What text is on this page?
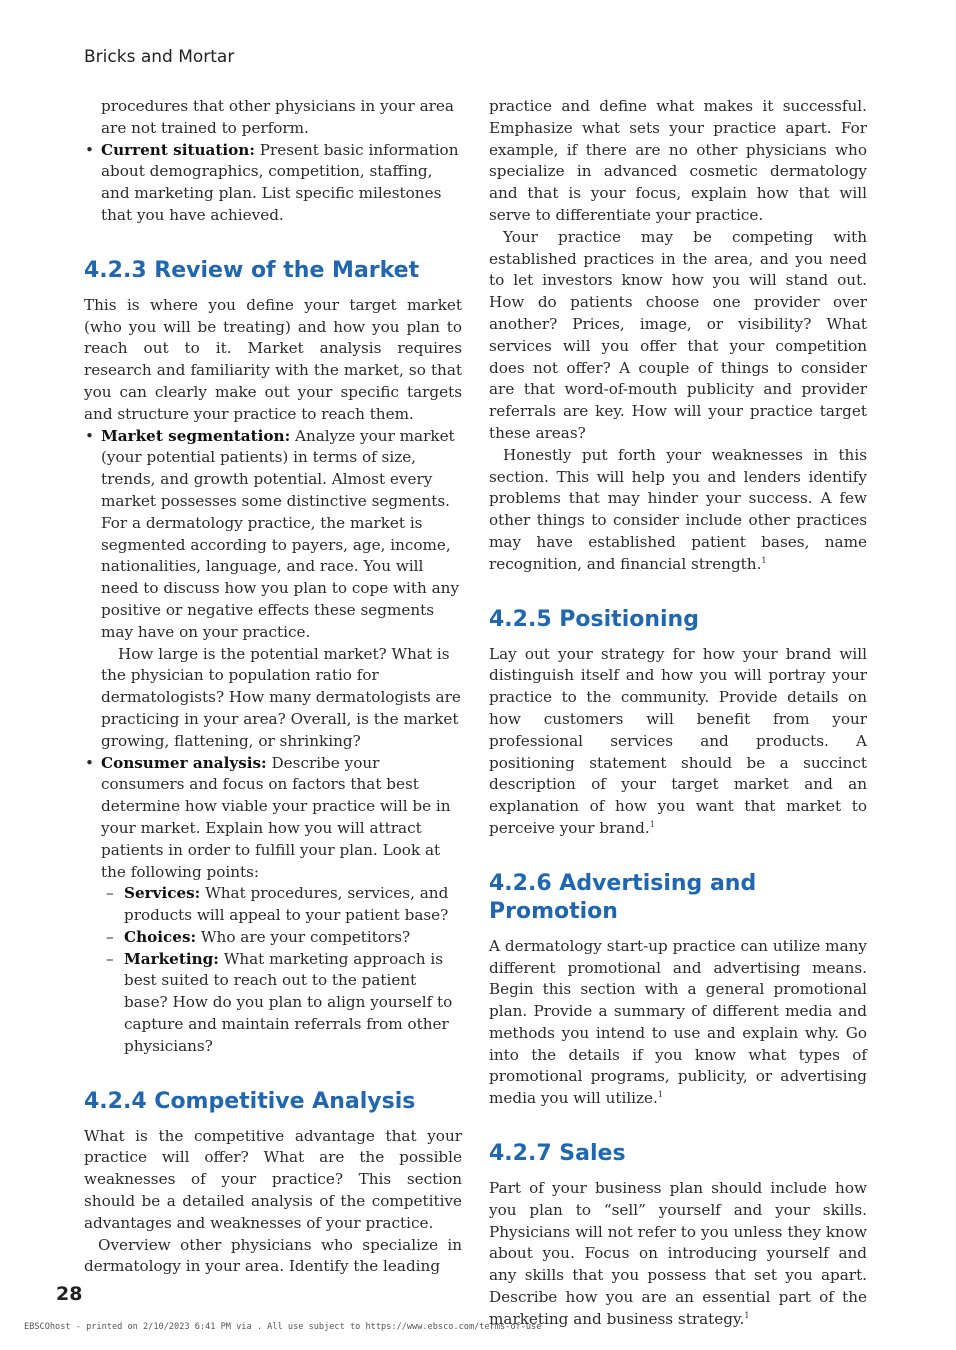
Bricks and Mortar

procedures that other physicians in your area are not trained to perform.

• Current situation: Present basic information about demographics, competition, staffing, and marketing plan. List specific milestones that you have achieved.
4.2.3 Review of the Market

This is where you define your target market (who you will be treating) and how you plan to reach out to it. Market analysis requires research and familiarity with the market, so that you can clearly make out your specific targets and structure your practice to reach them.

• Market segmentation: Analyze your market (your potential patients) in terms of size, trends, and growth potential. Almost every market possesses some distinctive segments. For a dermatology practice, the market is segmented according to payers, age, income, nationalities, language, and race. You will need to discuss how you plan to cope with any positive or negative effects these segments may have on your practice.

How large is the potential market? What is the physician to population ratio for dermatologists? How many dermatologists are practicing in your area? Overall, is the market growing, flattening, or shrinking?

• Consumer analysis: Describe your consumers and focus on factors that best determine how viable your practice will be in your market. Explain how you will attract patients in order to fulfill your plan. Look at the following points:
– Services: What procedures, services, and products will appeal to your patient base?
– Choices: Who are your competitors?
– Marketing: What marketing approach is best suited to reach out to the patient base? How do you plan to align yourself to capture and maintain referrals from other physicians?
4.2.4 Competitive Analysis

What is the competitive advantage that your practice will offer? What are the possible weaknesses of your practice? This section should be a detailed analysis of the competitive advantages and weaknesses of your practice.

Overview other physicians who specialize in dermatology in your area. Identify the leading

practice and define what makes it successful. Emphasize what sets your practice apart. For example, if there are no other physicians who specialize in advanced cosmetic dermatology and that is your focus, explain how that will serve to differentiate your practice.

Your practice may be competing with established practices in the area, and you need to let investors know how you will stand out. How do patients choose one provider over another? Prices, image, or visibility? What services will you offer that your competition does not offer? A couple of things to consider are that word-of-mouth publicity and provider referrals are key. How will your practice target these areas?

Honestly put forth your weaknesses in this section. This will help you and lenders identify problems that may hinder your success. A few other things to consider include other practices may have established patient bases, name recognition, and financial strength.$^1$

4.2.5 Positioning

Lay out your strategy for how your brand will distinguish itself and how you will portray your practice to the community. Provide details on how customers will benefit from your professional services and products. A positioning statement should be a succinct description of your target market and an explanation of how you want that market to perceive your brand.$^1$

4.2.6 Advertising and Promotion

A dermatology start-up practice can utilize many different promotional and advertising means. Begin this section with a general promotional plan. Provide a summary of different media and methods you intend to use and explain why. Go into the details if you know what types of promotional programs, publicity, or advertising media you will utilize.$^1$

4.2.7 Sales

Part of your business plan should include how you plan to “sell” yourself and your skills. Physicians will not refer to you unless they know about you. Focus on introducing yourself and any skills that you possess that set you apart. Describe how you are an essential part of the marketing and business strategy.$^1$

28
EBSCOhost - printed on 2/10/2023 6:41 PM via . All use subject to https://www.ebsco.com/terms-of-use
